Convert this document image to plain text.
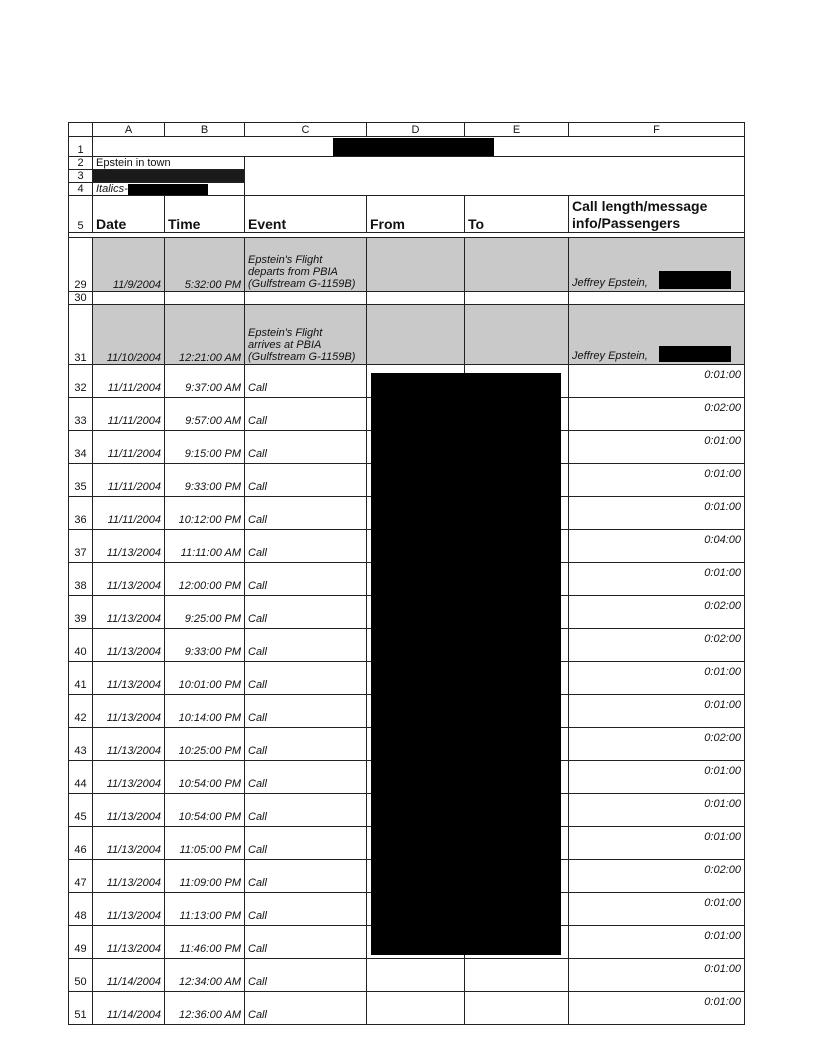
	A	B	C	D	E	F
1						
2	Epstein in town					
3						
4	Italics-					
5	Date	Time	Event	From	To	Call length/message
info/Passengers

29	11/9/2004	5:32:00 PM	Epstein's Flight
departs from PBIA
(Gulfstream G-1159B)			Jeffrey Epstein,
30						
31	11/10/2004	12:21:00 AM	Epstein's Flight
arrives at PBIA
(Gulfstream G-1159B)			Jeffrey Epstein,
32	11/11/2004	9:37:00 AM	Call			0:01:00
33	11/11/2004	9:57:00 AM	Call			0:02:00
34	11/11/2004	9:15:00 PM	Call			0:01:00
35	11/11/2004	9:33:00 PM	Call			0:01:00
36	11/11/2004	10:12:00 PM	Call			0:01:00
37	11/13/2004	11:11:00 AM	Call			0:04:00
38	11/13/2004	12:00:00 PM	Call			0:01:00
39	11/13/2004	9:25:00 PM	Call			0:02:00
40	11/13/2004	9:33:00 PM	Call			0:02:00
41	11/13/2004	10:01:00 PM	Call			0:01:00
42	11/13/2004	10:14:00 PM	Call			0:01:00
43	11/13/2004	10:25:00 PM	Call			0:02:00
44	11/13/2004	10:54:00 PM	Call			0:01:00
45	11/13/2004	10:54:00 PM	Call			0:01:00
46	11/13/2004	11:05:00 PM	Call			0:01:00
47	11/13/2004	11:09:00 PM	Call			0:02:00
48	11/13/2004	11:13:00 PM	Call			0:01:00
49	11/13/2004	11:46:00 PM	Call			0:01:00
50	11/14/2004	12:34:00 AM	Call			0:01:00
51	11/14/2004	12:36:00 AM	Call			0:01:00
